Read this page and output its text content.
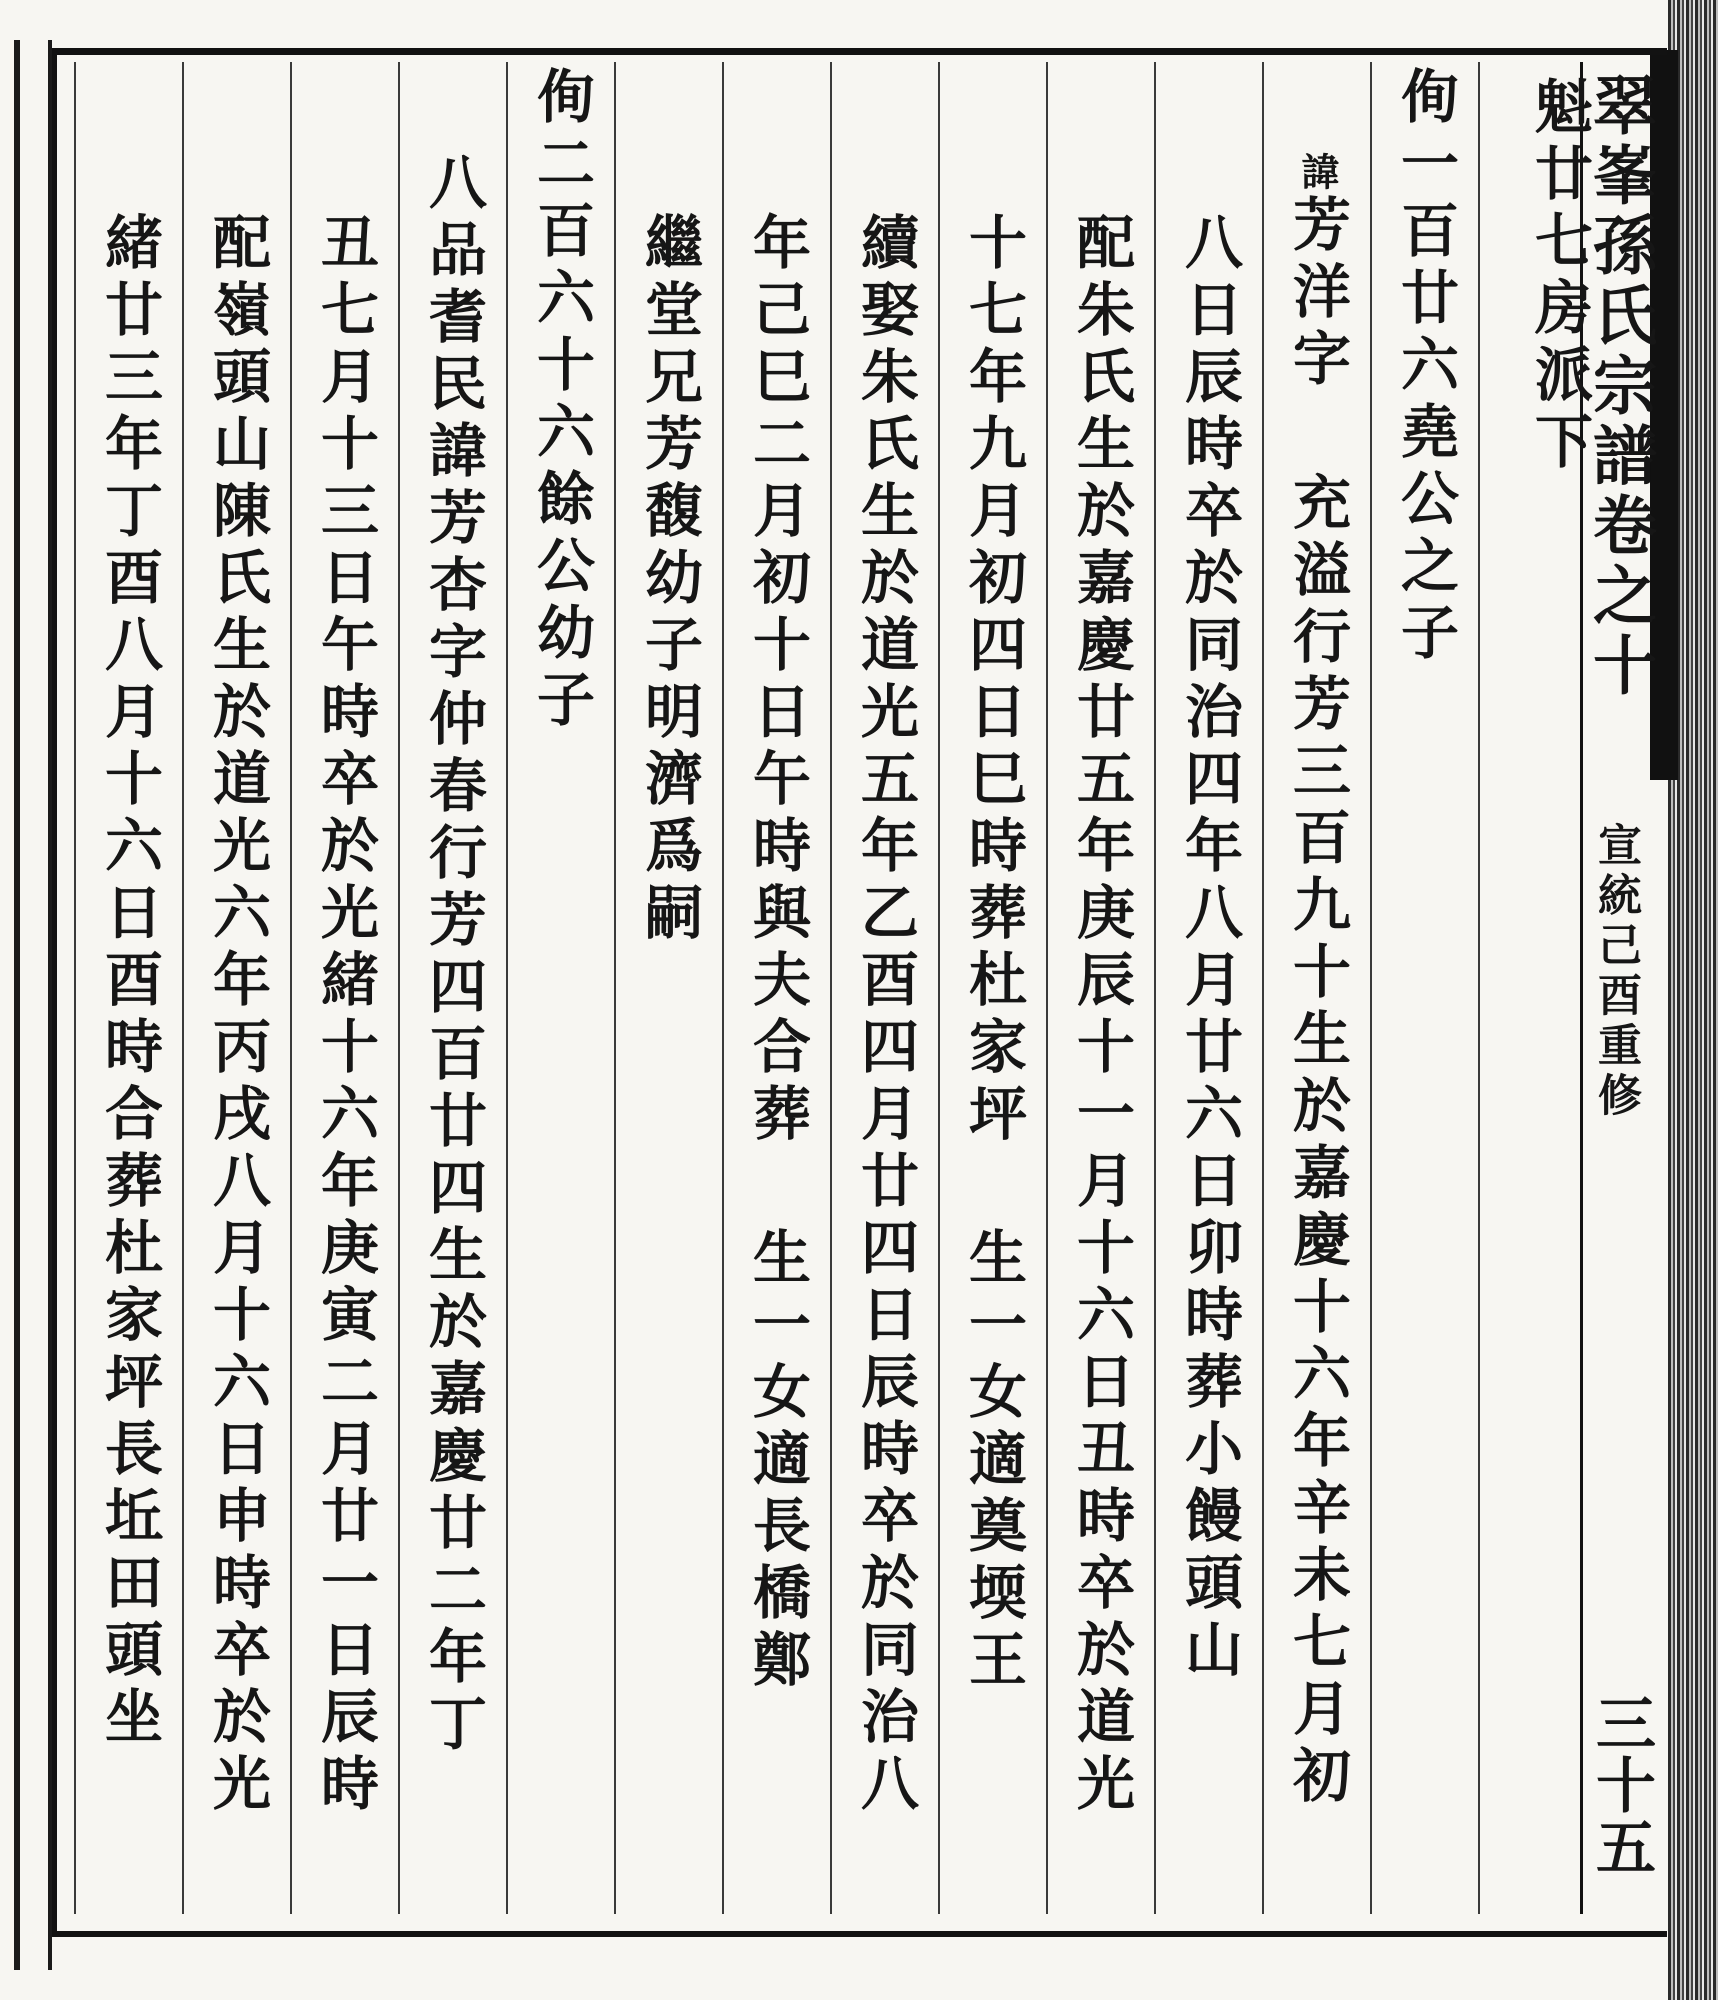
翠峯孫氏宗譜卷之十
宣統己酉重修
三十五
魁廿七房派下
侚一百廿六堯公之子
諱
芳洋字 充溢行芳三百九十
生於嘉慶十六年辛未七月初
八日辰時卒於同治四年八月廿六日卯時
葬小饅頭山
配朱氏生於嘉慶廿五年庚辰十一月十六日丑時卒於道光
十七年九月初四日巳時
葬杜家坪 生一女適奠堧王
續娶朱氏生於道光五年乙酉四月廿四日辰時卒於同治八
年己巳二月初十日午時
與夫合葬 生一女適長橋鄭
繼堂兄芳馥幼子明濟爲嗣
侚二百六十六餘公幼子
八品耆民諱芳杏字仲春行芳四百廿四
生於嘉慶廿二年丁
丑七月十三日午時卒於光緒十六年庚寅二月廿一日辰時
配嶺頭山陳氏生於道光六年丙戌八月十六日申時卒於光
緒廿三年丁酉八月十六日酉時
合葬杜家坪長坵田頭坐
